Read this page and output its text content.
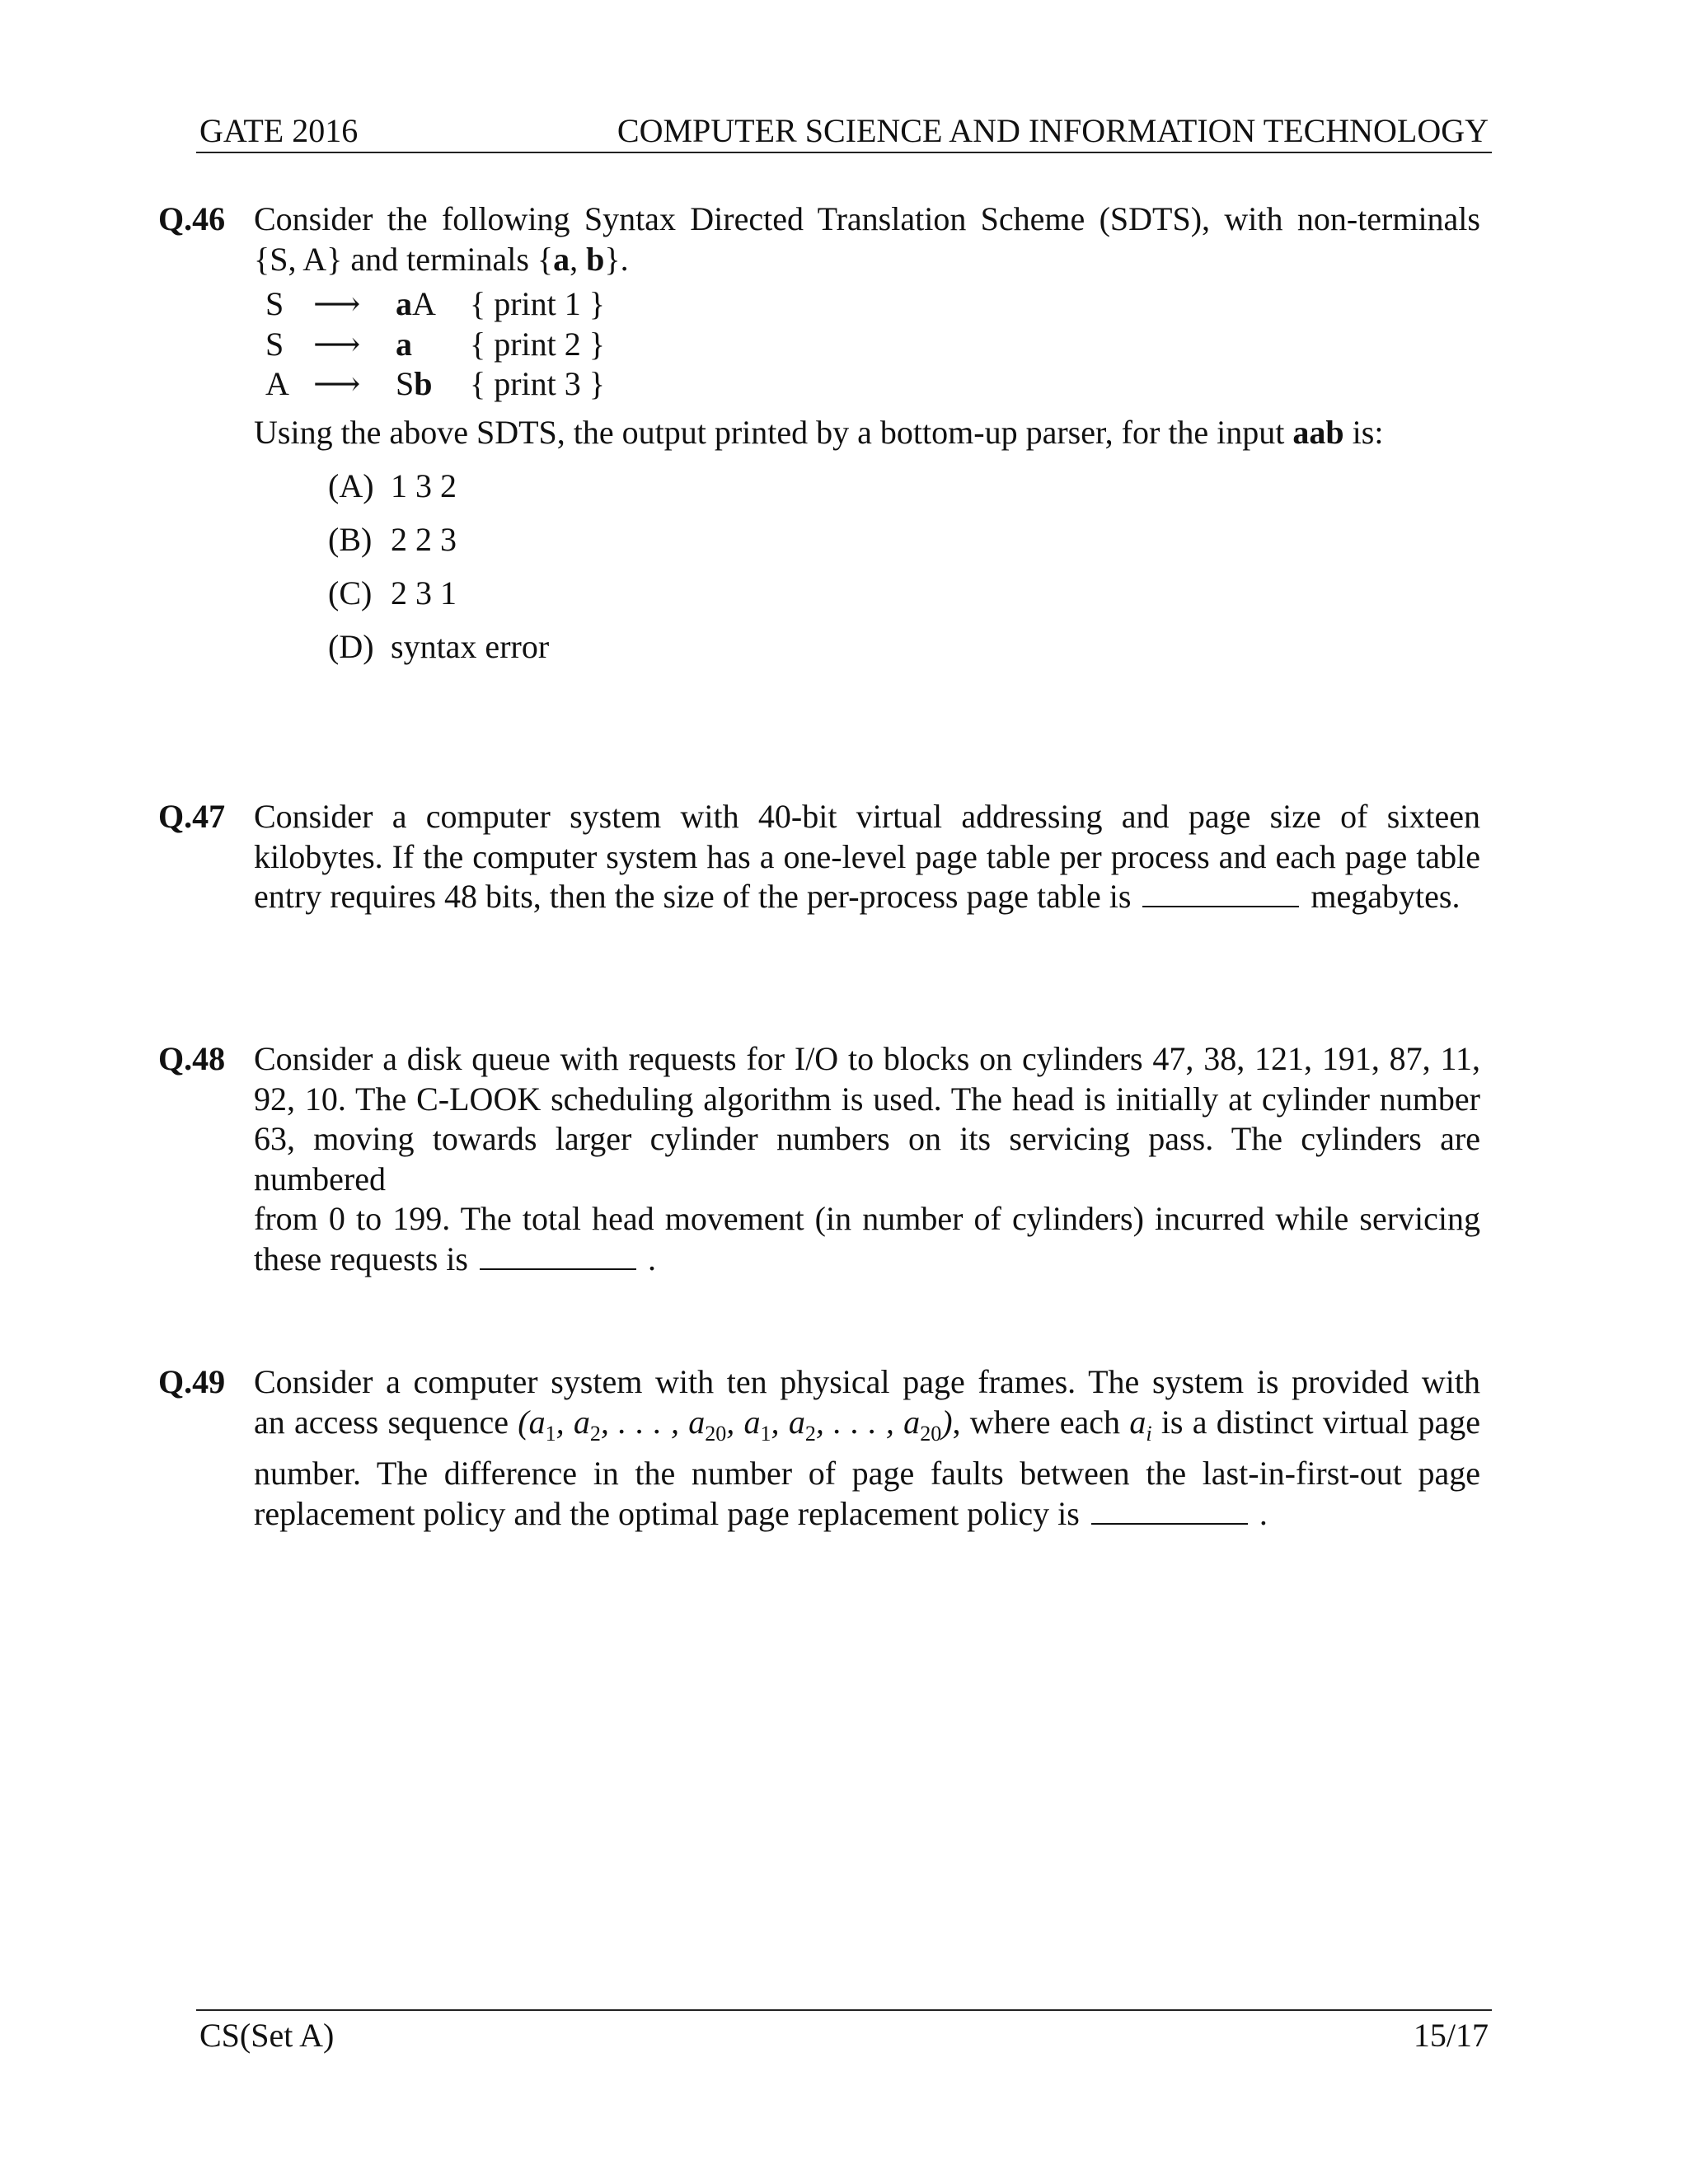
GATE 2016	COMPUTER SCIENCE AND INFORMATION TECHNOLOGY
Q.46 Consider the following Syntax Directed Translation Scheme (SDTS), with non-terminals

{S, A} and terminals {a, b}.

S	⟶	aA	{ print 1 }
S	⟶	a	{ print 2 }
A	⟶	Sb	{ print 3 }

Using the above SDTS, the output printed by a bottom-up parser, for the input aab is:

(A) 1 3 2
(B) 2 2 3
(C) 2 3 1
(D) syntax error
Q.47 Consider a computer system with 40-bit virtual addressing and page size of sixteen

kilobytes. If the computer system has a one-level page table per process and each page table

entry requires 48 bits, then the size of the per-process page table is	megabytes.

Q.48 Consider a disk queue with requests for I/O to blocks on cylinders 47, 38, 121, 191, 87, 11,

92, 10. The C-LOOK scheduling algorithm is used. The head is initially at cylinder number

63, moving towards larger cylinder numbers on its servicing pass. The cylinders are numbered

from 0 to 199. The total head movement (in number of cylinders) incurred while servicing

these requests is	.

Q.49 Consider a computer system with ten physical page frames. The system is provided with

an access sequence ($a_1$, $a_2$, . . . , $a_{20}$, $a_1$, $a_2$, . . . , $a_{20}$), where each $a_i$ is a distinct virtual page

number. The difference in the number of page faults between the last-in-first-out page

replacement policy and the optimal page replacement policy is	.

CS(Set A)	15/17
